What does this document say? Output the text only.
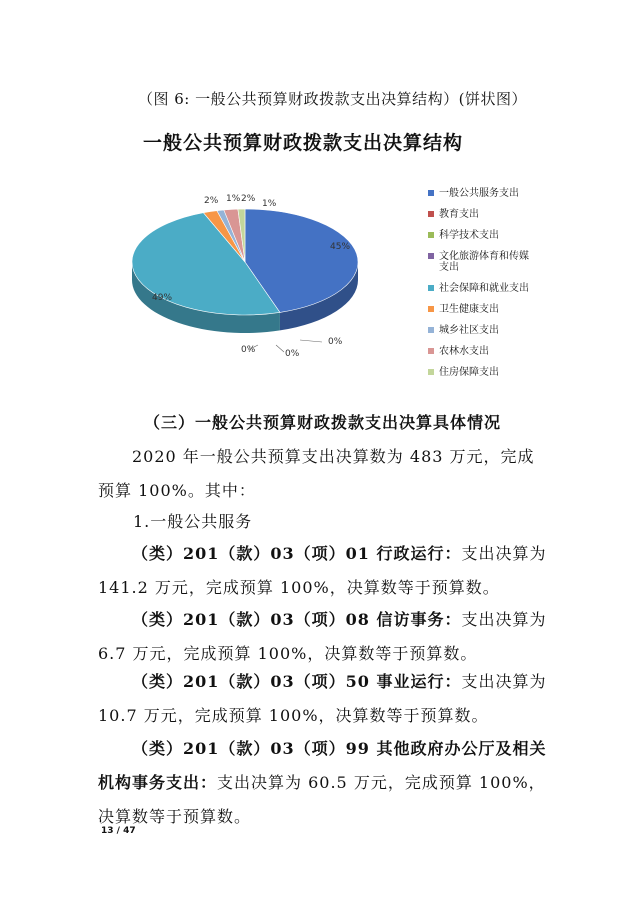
（图 6: 一般公共预算财政拨款支出决算结构）(饼状图）
一般公共预算财政拨款支出决算结构
45%
0%	0%
0%
49%
2% 1% 2% 1%
一般公共服务支出
教育支出
科学技术支出
文化旅游体育和传媒支出
社会保障和就业支出
卫生健康支出
城乡社区支出
农林水支出
住房保障支出
（三）一般公共预算财政拨款支出决算具体情况
2020 年一般公共预算支出决算数为 483 万元，完成预算 100%。其中：
1.一般公共服务
（类）201（款）03（项）01 行政运行：支出决算为 141.2 万元，完成预算 100%，决算数等于预算数。
（类）201（款）03（项）08 信访事务：支出决算为 6.7 万元，完成预算 100%，决算数等于预算数。
（类）201（款）03（项）50 事业运行：支出决算为 10.7 万元，完成预算 100%，决算数等于预算数。
（类）201（款）03（项）99 其他政府办公厅及相关机构事务支出：支出决算为 60.5 万元，完成预算 100%，决算数等于预算数。
13 / 47
